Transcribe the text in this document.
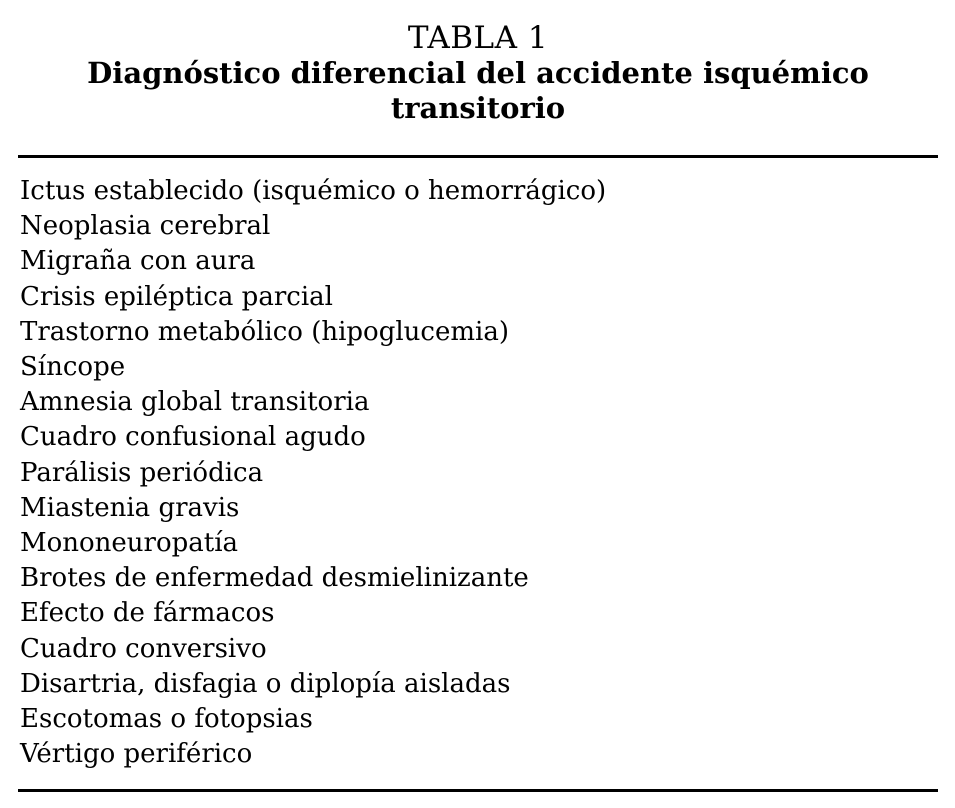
TABLA 1
Diagnóstico diferencial del accidente isquémico
transitorio
Ictus establecido (isquémico o hemorrágico)
Neoplasia cerebral
Migraña con aura
Crisis epiléptica parcial
Trastorno metabólico (hipoglucemia)
Síncope
Amnesia global transitoria
Cuadro confusional agudo
Parálisis periódica
Miastenia gravis
Mononeuropatía
Brotes de enfermedad desmielinizante
Efecto de fármacos
Cuadro conversivo
Disartria, disfagia o diplopía aisladas
Escotomas o fotopsias
Vértigo periférico
